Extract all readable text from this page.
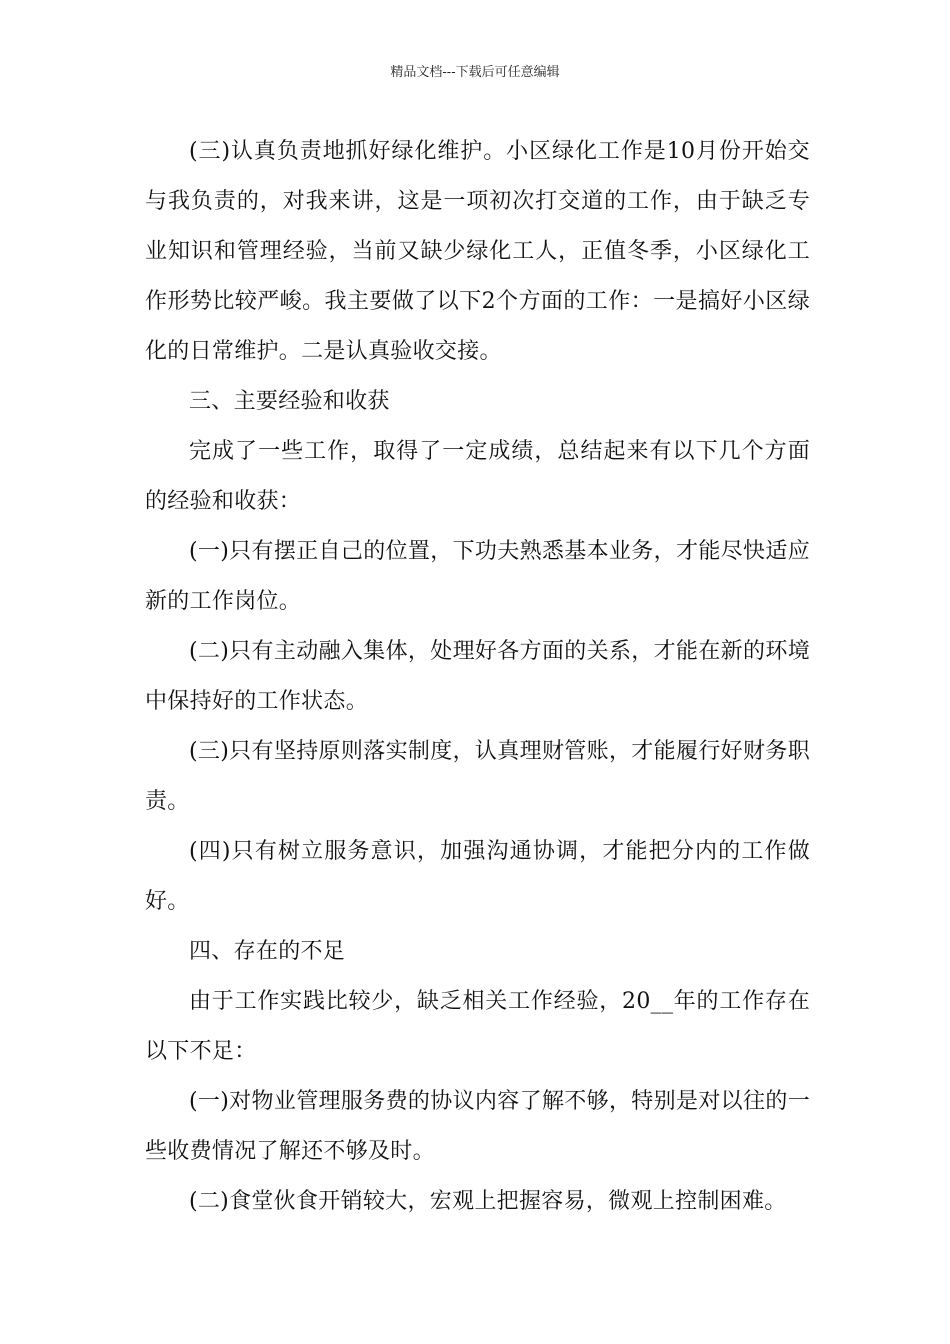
精品文档---下载后可任意编辑

(三)认真负责地抓好绿化维护。小区绿化工作是10月份开始交与我负责的，对我来讲，这是一项初次打交道的工作，由于缺乏专业知识和管理经验，当前又缺少绿化工人，正值冬季，小区绿化工作形势比较严峻。我主要做了以下2个方面的工作：一是搞好小区绿化的日常维护。二是认真验收交接。

三、主要经验和收获

完成了一些工作，取得了一定成绩，总结起来有以下几个方面的经验和收获：

(一)只有摆正自己的位置，下功夫熟悉基本业务，才能尽快适应新的工作岗位。

(二)只有主动融入集体，处理好各方面的关系，才能在新的环境中保持好的工作状态。

(三)只有坚持原则落实制度，认真理财管账，才能履行好财务职责。

(四)只有树立服务意识，加强沟通协调，才能把分内的工作做好。

四、存在的不足

由于工作实践比较少，缺乏相关工作经验，20__年的工作存在以下不足：

(一)对物业管理服务费的协议内容了解不够，特别是对以往的一些收费情况了解还不够及时。

(二)食堂伙食开销较大，宏观上把握容易，微观上控制困难。
